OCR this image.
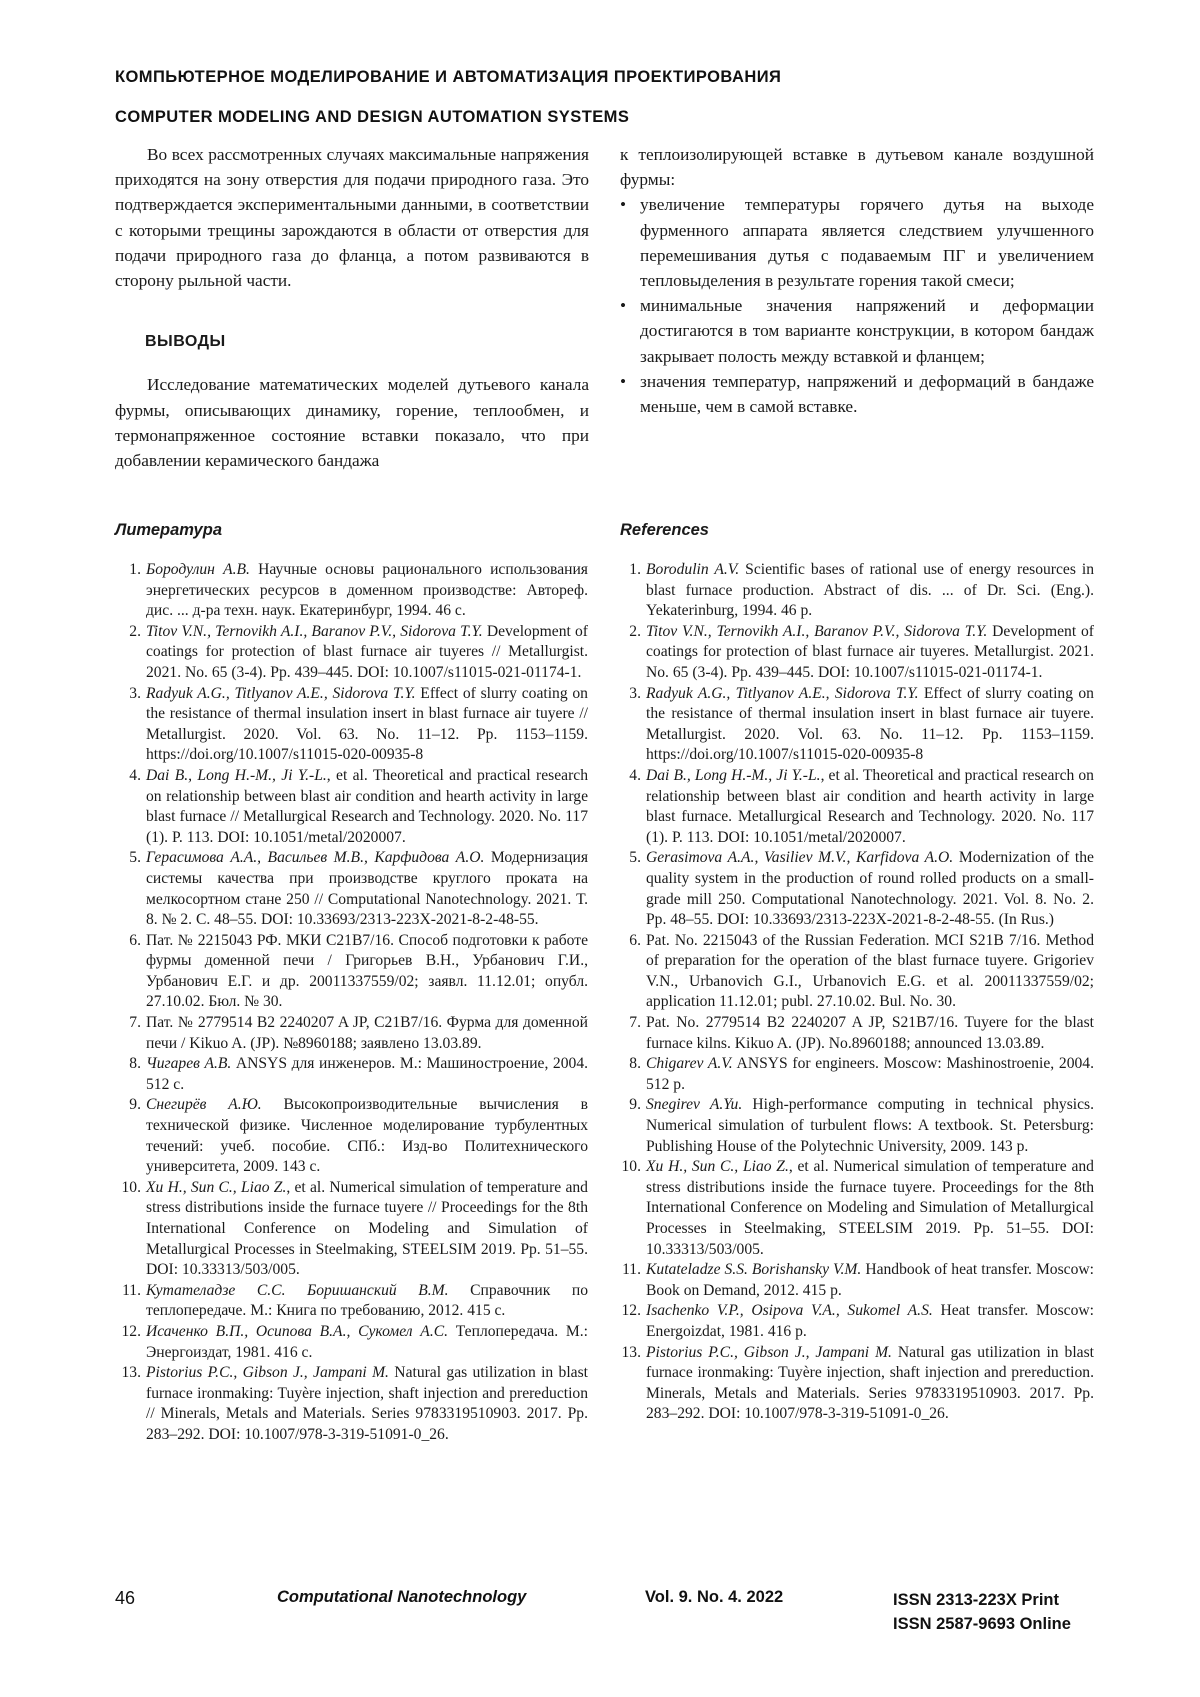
КОМПЬЮТЕРНОЕ МОДЕЛИРОВАНИЕ И АВТОМАТИЗАЦИЯ ПРОЕКТИРОВАНИЯ
COMPUTER MODELING AND DESIGN AUTOMATION SYSTEMS

Во всех рассмотренных случаях максимальные напряжения приходятся на зону отверстия для подачи природного газа. Это подтверждается экспериментальными данными, в соответствии с которыми трещины зарождаются в области от отверстия для подачи природного газа до фланца, а потом развиваются в сторону рыльной части.

ВЫВОДЫ

Исследование математических моделей дутьевого канала фурмы, описывающих динамику, горение, теплообмен, и термонапряженное состояние вставки показало, что при добавлении керамического бандажа

к теплоизолирующей вставке в дутьевом канале воздушной фурмы:

• увеличение температуры горячего дутья на выходе фурменного аппарата является следствием улучшенного перемешивания дутья с подаваемым ПГ и увеличением тепловыделения в результате горения такой смеси;
• минимальные значения напряжений и деформации достигаются в том варианте конструкции, в котором бандаж закрывает полость между вставкой и фланцем;
• значения температур, напряжений и деформаций в бандаже меньше, чем в самой вставке.
Литература	References
1. Бородулин А.В. Научные основы рационального использования энергетических ресурсов в доменном производстве: Автореф. дис. ... д-ра техн. наук. Екатеринбург, 1994. 46 с.
2. Titov V.N., Ternovikh A.I., Baranov P.V., Sidorova T.Y. Development of coatings for protection of blast furnace air tuyeres // Metallurgist. 2021. No. 65 (3-4). Pp. 439–445. DOI: 10.1007/s11015-021-01174-1.
3. Radyuk A.G., Titlyanov A.E., Sidorova T.Y. Effect of slurry coating on the resistance of thermal insulation insert in blast furnace air tuyere // Metallurgist. 2020. Vol. 63. No. 11–12. Pp. 1153–1159. https://doi.org/10.1007/s11015-020-00935-8
4. Dai B., Long H.-M., Ji Y.-L., et al. Theoretical and practical research on relationship between blast air condition and hearth activity in large blast furnace // Metallurgical Research and Technology. 2020. No. 117 (1). P. 113. DOI: 10.1051/metal/2020007.
5. Герасимова А.А., Васильев М.В., Карфидова А.О. Модернизация системы качества при производстве круглого проката на мелкосортном стане 250 // Computational Nanotechnology. 2021. Т. 8. № 2. С. 48–55. DOI: 10.33693/2313-223X-2021-8-2-48-55.
6. Пат. № 2215043 РФ. МКИ C21B7/16. Способ подготовки к работе фурмы доменной печи / Григорьев В.Н., Урбанович Г.И., Урбанович Е.Г. и др. 20011337559/02; заявл. 11.12.01; опубл. 27.10.02. Бюл. № 30.
7. Пат. № 2779514 B2 2240207 A JP, C21B7/16. Фурма для доменной печи / Kikuo A. (JP). №8960188; заявлено 13.03.89.
8. Чигарев А.В. ANSYS для инженеров. М.: Машиностроение, 2004. 512 с.
9. Снегирёв А.Ю. Высокопроизводительные вычисления в технической физике. Численное моделирование турбулентных течений: учеб. пособие. СПб.: Изд-во Политехнического университета, 2009. 143 с.
10. Xu H., Sun C., Liao Z., et al. Numerical simulation of temperature and stress distributions inside the furnace tuyere // Proceedings for the 8th International Conference on Modeling and Simulation of Metallurgical Processes in Steelmaking, STEELSIM 2019. Pp. 51–55. DOI: 10.33313/503/005.
11. Кутателадзе С.С. Боришанский В.М. Справочник по теплопередаче. М.: Книга по требованию, 2012. 415 с.
12. Исаченко В.П., Осипова В.А., Сукомел А.С. Теплопередача. М.: Энергоиздат, 1981. 416 с.
13. Pistorius P.C., Gibson J., Jampani M. Natural gas utilization in blast furnace ironmaking: Tuyère injection, shaft injection and prereduction // Minerals, Metals and Materials. Series 9783319510903. 2017. Pp. 283–292. DOI: 10.1007/978-3-319-51091-0_26.
1. Borodulin A.V. Scientific bases of rational use of energy resources in blast furnace production. Abstract of dis. ... of Dr. Sci. (Eng.). Yekaterinburg, 1994. 46 p.
2. Titov V.N., Ternovikh A.I., Baranov P.V., Sidorova T.Y. Development of coatings for protection of blast furnace air tuyeres. Metallurgist. 2021. No. 65 (3-4). Pp. 439–445. DOI: 10.1007/s11015-021-01174-1.
3. Radyuk A.G., Titlyanov A.E., Sidorova T.Y. Effect of slurry coating on the resistance of thermal insulation insert in blast furnace air tuyere. Metallurgist. 2020. Vol. 63. No. 11–12. Pp. 1153–1159. https://doi.org/10.1007/s11015-020-00935-8
4. Dai B., Long H.-M., Ji Y.-L., et al. Theoretical and practical research on relationship between blast air condition and hearth activity in large blast furnace. Metallurgical Research and Technology. 2020. No. 117 (1). P. 113. DOI: 10.1051/metal/2020007.
5. Gerasimova A.A., Vasiliev M.V., Karfidova A.O. Modernization of the quality system in the production of round rolled products on a small-grade mill 250. Computational Nanotechnology. 2021. Vol. 8. No. 2. Pp. 48–55. DOI: 10.33693/2313-223X-2021-8-2-48-55. (In Rus.)
6. Pat. No. 2215043 of the Russian Federation. MCI S21B 7/16. Method of preparation for the operation of the blast furnace tuyere. Grigoriev V.N., Urbanovich G.I., Urbanovich E.G. et al. 20011337559/02; application 11.12.01; publ. 27.10.02. Bul. No. 30.
7. Pat. No. 2779514 B2 2240207 A JP, S21B7/16. Tuyere for the blast furnace kilns. Kikuo A. (JP). No.8960188; announced 13.03.89.
8. Chigarev A.V. ANSYS for engineers. Moscow: Mashinostroenie, 2004. 512 p.
9. Snegirev A.Yu. High-performance computing in technical physics. Numerical simulation of turbulent flows: A textbook. St. Petersburg: Publishing House of the Polytechnic University, 2009. 143 p.
10. Xu H., Sun C., Liao Z., et al. Numerical simulation of temperature and stress distributions inside the furnace tuyere. Proceedings for the 8th International Conference on Modeling and Simulation of Metallurgical Processes in Steelmaking, STEELSIM 2019. Pp. 51–55. DOI: 10.33313/503/005.
11. Kutateladze S.S. Borishansky V.M. Handbook of heat transfer. Moscow: Book on Demand, 2012. 415 p.
12. Isachenko V.P., Osipova V.A., Sukomel A.S. Heat transfer. Moscow: Energoizdat, 1981. 416 p.
13. Pistorius P.C., Gibson J., Jampani M. Natural gas utilization in blast furnace ironmaking: Tuyère injection, shaft injection and prereduction. Minerals, Metals and Materials. Series 9783319510903. 2017. Pp. 283–292. DOI: 10.1007/978-3-319-51091-0_26.
46	Computational Nanotechnology	Vol. 9. No. 4. 2022	ISSN 2313-223X Print
ISSN 2587-9693 Online
